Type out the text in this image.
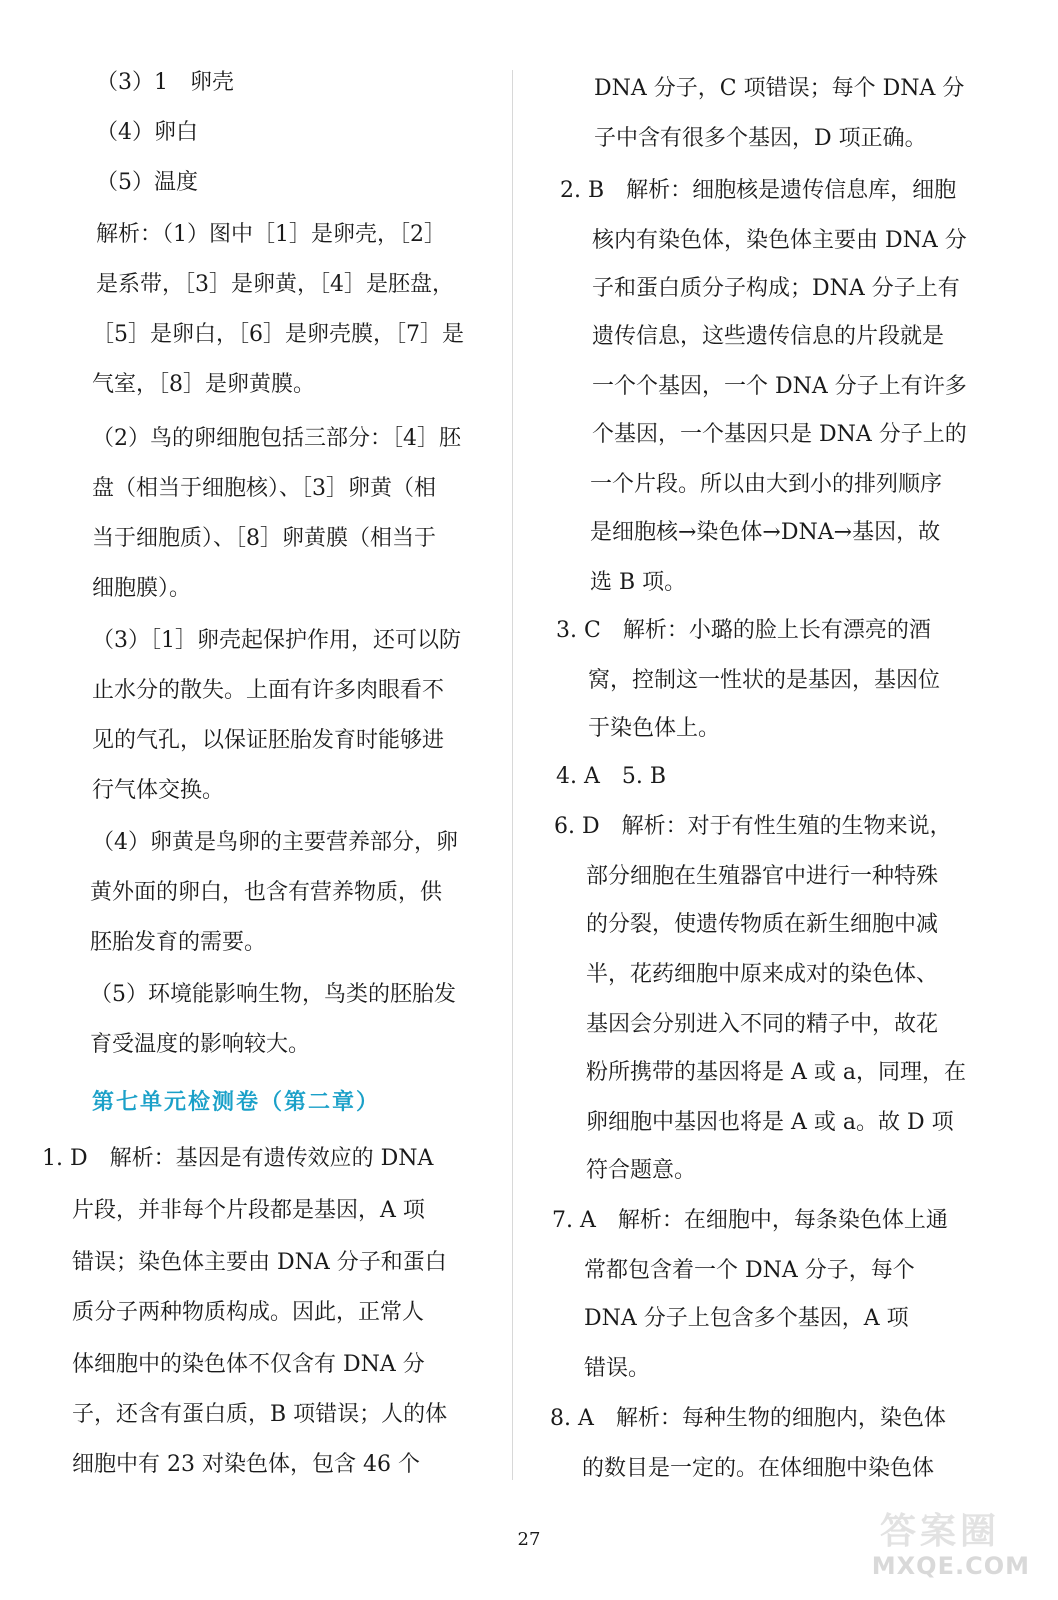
（3）1　卵壳
（4）卵白
（5）温度
解析：（1）图中［1］是卵壳，［2］
是系带，［3］是卵黄，［4］是胚盘，
［5］是卵白，［6］是卵壳膜，［7］是
气室，［8］是卵黄膜。
（2）鸟的卵细胞包括三部分：［4］胚
盘（相当于细胞核）、［3］卵黄（相
当于细胞质）、［8］卵黄膜（相当于
细胞膜）。
（3）［1］卵壳起保护作用，还可以防
止水分的散失。上面有许多肉眼看不
见的气孔，以保证胚胎发育时能够进
行气体交换。
（4）卵黄是鸟卵的主要营养部分，卵
黄外面的卵白，也含有营养物质，供
胚胎发育的需要。
（5）环境能影响生物，鸟类的胚胎发
育受温度的影响较大。
第七单元检测卷（第二章）
1. D　解析：基因是有遗传效应的 DNA
片段，并非每个片段都是基因，A 项
错误；染色体主要由 DNA 分子和蛋白
质分子两种物质构成。因此，正常人
体细胞中的染色体不仅含有 DNA 分
子，还含有蛋白质，B 项错误；人的体
细胞中有 23 对染色体，包含 46 个
DNA 分子，C 项错误；每个 DNA 分
子中含有很多个基因，D 项正确。
2. B　解析：细胞核是遗传信息库，细胞
核内有染色体，染色体主要由 DNA 分
子和蛋白质分子构成；DNA 分子上有
遗传信息，这些遗传信息的片段就是
一个个基因，一个 DNA 分子上有许多
个基因，一个基因只是 DNA 分子上的
一个片段。所以由大到小的排列顺序
是细胞核→染色体→DNA→基因，故
选 B 项。
3. C　解析：小璐的脸上长有漂亮的酒
窝，控制这一性状的是基因，基因位
于染色体上。
4. A　5. B
6. D　解析：对于有性生殖的生物来说，
部分细胞在生殖器官中进行一种特殊
的分裂，使遗传物质在新生细胞中减
半，花药细胞中原来成对的染色体、
基因会分别进入不同的精子中，故花
粉所携带的基因将是 A 或 a，同理，在
卵细胞中基因也将是 A 或 a。故 D 项
符合题意。
7. A　解析：在细胞中，每条染色体上通
常都包含着一个 DNA 分子，每个
DNA 分子上包含多个基因，A 项
错误。
8. A　解析：每种生物的细胞内，染色体
的数目是一定的。在体细胞中染色体
27	答案圈
MXQE.COM
